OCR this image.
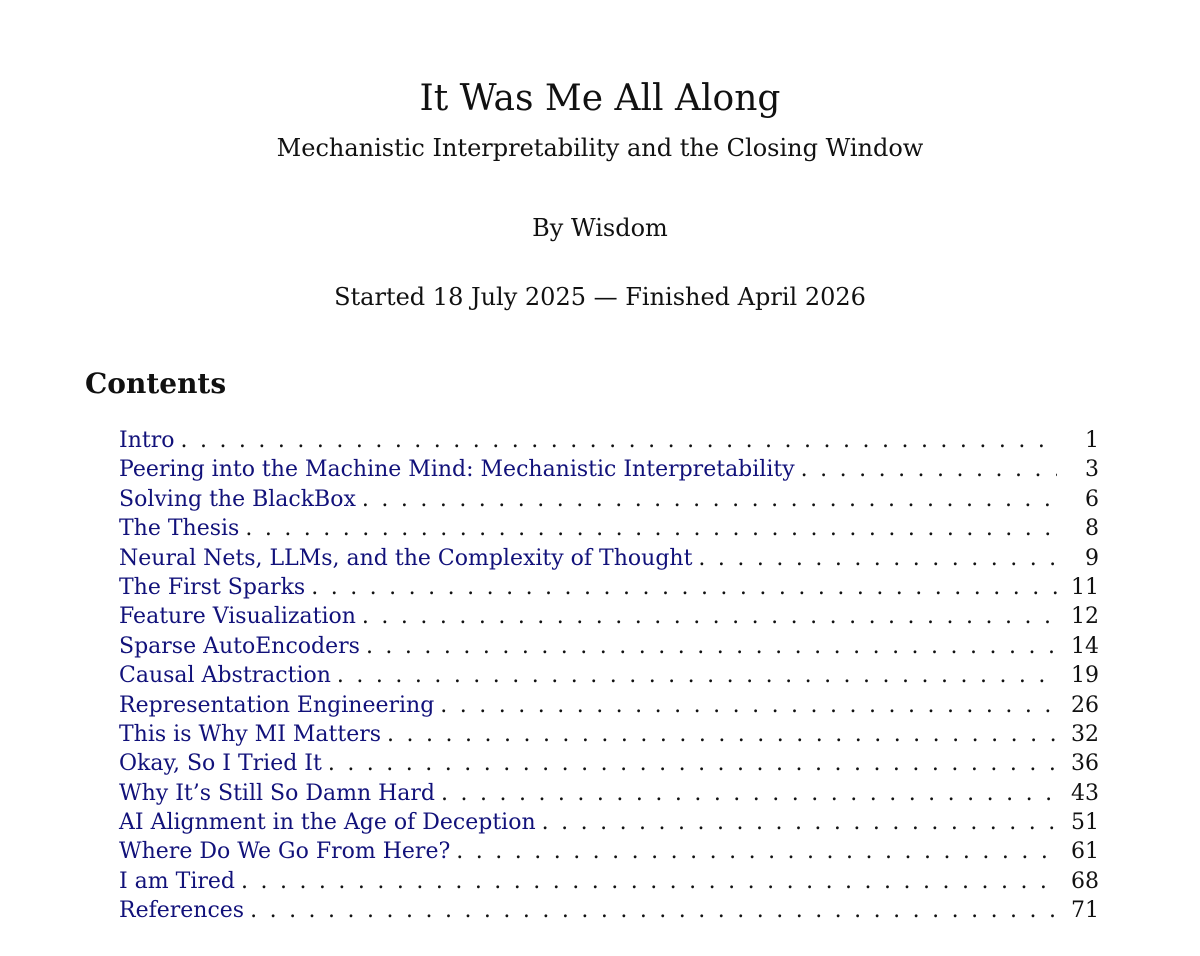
It Was Me All Along
Mechanistic Interpretability and the Closing Window
By Wisdom
Started 18 July 2025 — Finished April 2026
Contents
Intro . . .	1
Peering into the Machine Mind: Mechanistic Interpretability . . .	3
Solving the BlackBox . . .	6
The Thesis . . .	8
Neural Nets, LLMs, and the Complexity of Thought . . .	9
The First Sparks . . .	11
Feature Visualization . . .	12
Sparse AutoEncoders . . .	14
Causal Abstraction . . .	19
Representation Engineering . . .	26
This is Why MI Matters . . .	32
Okay, So I Tried It . . .	36
Why It’s Still So Damn Hard . . .	43
AI Alignment in the Age of Deception . . .	51
Where Do We Go From Here? . . .	61
I am Tired . . .	68
References . . .	71
